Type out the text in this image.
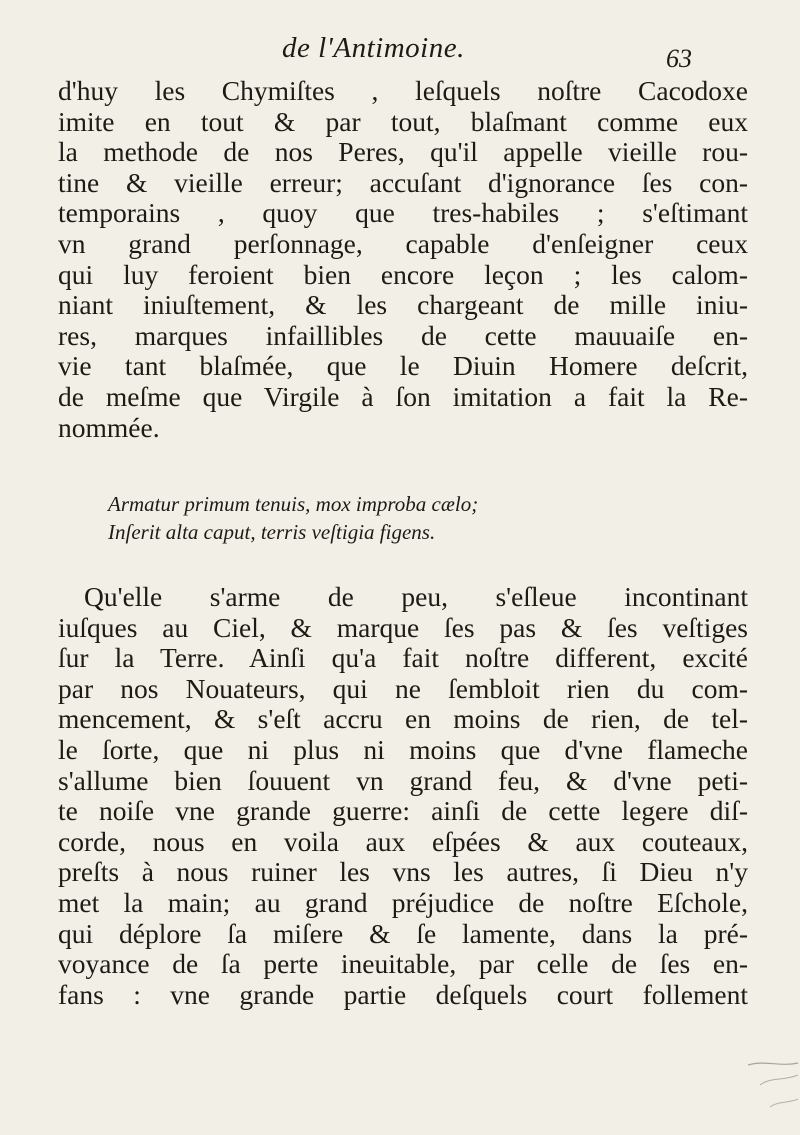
de l'Antimoine.	63
d'huy les Chymiſtes , leſquels noſtre Cacodoxe
imite en tout & par tout, blaſmant comme eux
la methode de nos Peres, qu'il appelle vieille rou-
tine & vieille erreur; accuſant d'ignorance ſes con-
temporains , quoy que tres-habiles ; s'eſtimant
vn grand perſonnage, capable d'enſeigner ceux
qui luy feroient bien encore leçon ; les calom-
niant iniuſtement, & les chargeant de mille iniu-
res, marques infaillibles de cette mauuaiſe en-
vie tant blaſmée, que le Diuin Homere deſcrit,
de meſme que Virgile à ſon imitation a fait la Re-
nommée.
Armatur primum tenuis, mox improba cælo;
Inſerit alta caput, terris veſtigia figens.
Qu'elle s'arme de peu, s'eſleue incontinant
iuſques au Ciel, & marque ſes pas & ſes veſtiges
ſur la Terre. Ainſi qu'a fait noſtre different, excité
par nos Nouateurs, qui ne ſembloit rien du com-
mencement, & s'eſt accru en moins de rien, de tel-
le ſorte, que ni plus ni moins que d'vne flameche
s'allume bien ſouuent vn grand feu, & d'vne peti-
te noiſe vne grande guerre: ainſi de cette legere diſ-
corde, nous en voila aux eſpées & aux couteaux,
preſts à nous ruiner les vns les autres, ſi Dieu n'y
met la main; au grand préjudice de noſtre Eſchole,
qui déplore ſa miſere & ſe lamente, dans la pré-
voyance de ſa perte ineuitable, par celle de ſes en-
fans : vne grande partie deſquels court follement
